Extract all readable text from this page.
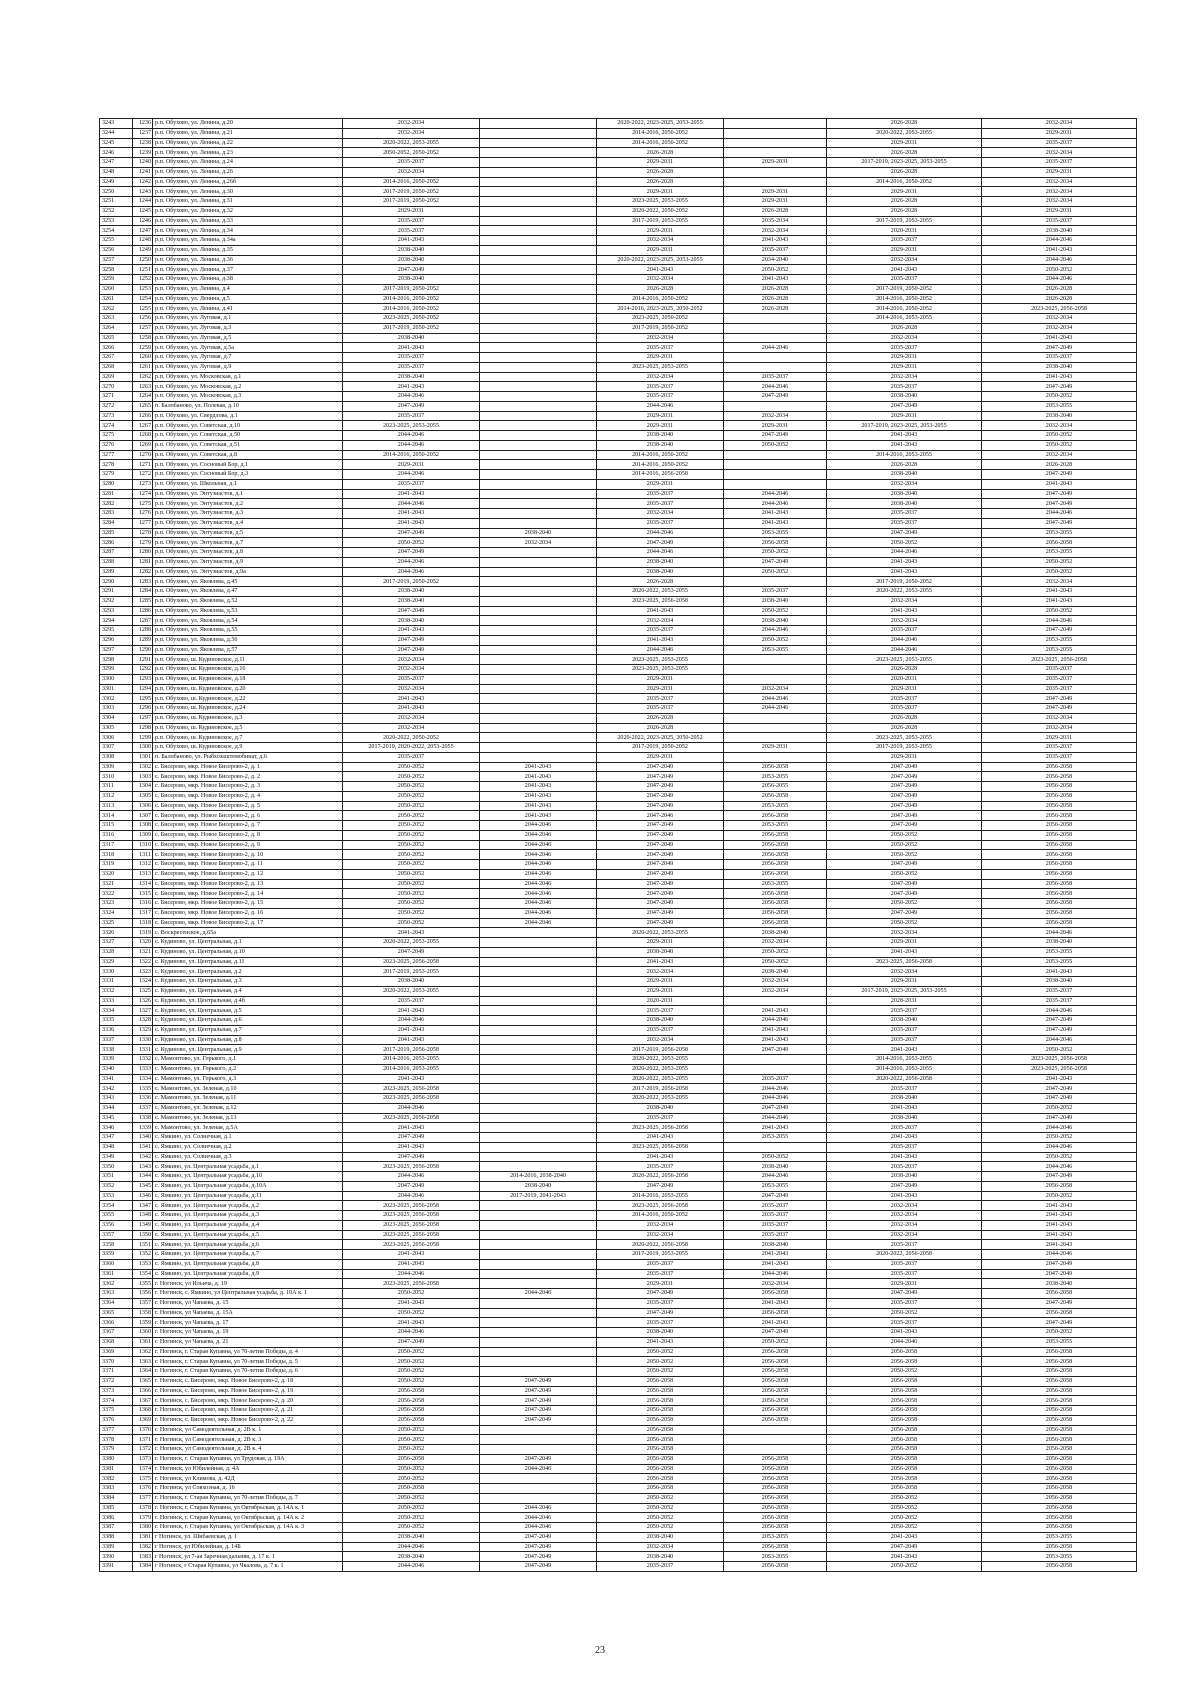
3243	1236	р.п. Обухово, ул. Ленина, д.20	2032-2034		2020-2022, 2023-2025, 2053-2055		2026-2028	2032-2034
3244	1237	р.п. Обухово, ул. Ленина, д.21	2032-2034		2014-2016, 2050-2052		2020-2022, 2053-2055	2029-2031
3245	1238	р.п. Обухово, ул. Ленина, д.22	2020-2022, 2053-2055		2014-2016, 2050-2052		2029-2031	2035-2037
3246	1239	р.п. Обухово, ул. Ленина, д.23	2050-2052, 2050-2052		2026-2028		2026-2028	2032-2034
3247	1240	р.п. Обухово, ул. Ленина, д.24	2035-2037		2029-2031	2029-2031	2017-2019, 2023-2025, 2053-2055	2035-2037
3248	1241	р.п. Обухово, ул. Ленина, д.26	2032-2034		2026-2028		2026-2028	2029-2031
3249	1242	р.п. Обухово, ул. Ленина, д.26б	2014-2016, 2050-2052		2026-2028		2014-2016, 2050-2052	2032-2034
3250	1243	р.п. Обухово, ул. Ленина, д.30	2017-2019, 2050-2052		2029-2031	2029-2031	2029-2031	2032-2034
3251	1244	р.п. Обухово, ул. Ленина, д.31	2017-2019, 2050-2052		2023-2025, 2053-2055	2029-2031	2026-2028	2032-2034
3252	1245	р.п. Обухово, ул. Ленина, д.32	2029-2031		2020-2022, 2050-2052	2026-2028	2026-2028	2029-2031
3253	1246	р.п. Обухово, ул. Ленина, д.33	2035-2037		2017-2019, 2053-2055	2035-2034	2017-2019, 2053-2055	2035-2037
3254	1247	р.п. Обухово, ул. Ленина, д.34	2035-2037		2029-2031	2032-2034	2020-2031	2038-2040
3255	1248	р.п. Обухово, ул. Ленина, д.34а	2041-2043		2032-2034	2041-2043	2035-2037	2044-2046
3256	1249	р.п. Обухово, ул. Ленина, д.35	2038-2040		2029-2031	2035-2037	2029-2031	2041-2043
3257	1250	р.п. Обухово, ул. Ленина, д.36	2038-2040		2020-2022, 2023-2025, 2053-2055	2034-2040	2032-2034	2044-2046
3258	1251	р.п. Обухово, ул. Ленина, д.37	2047-2049		2041-2043	2050-2052	2041-2043	2050-2052
3259	1252	р.п. Обухово, ул. Ленина, д.38	2038-2040		2032-2034	2041-2043	2035-2037	2044-2046
3260	1253	р.п. Обухово, ул. Ленина, д.4	2017-2019, 2050-2052		2026-2028	2026-2028	2017-2019, 2050-2052	2026-2028
3261	1254	р.п. Обухово, ул. Ленина, д.5	2014-2016, 2050-2052		2014-2016, 2050-2052	2026-2028	2014-2016, 2050-2052	2026-2028
3262	1255	р.п. Обухово, ул. Ленина, д.41	2014-2016, 2050-2052		2014-2016, 2023-2025, 2050-2052	2026-2028	2014-2016, 2050-2052	2023-2025, 2056-2058
3263	1256	р.п. Обухово, ул. Луговая, д.1	2023-2025, 2050-2052		2023-2025, 2050-2052		2014-2016, 2053-2055	2032-2034
3264	1257	р.п. Обухово, ул. Луговая, д.3	2017-2019, 2050-2052		2017-2019, 2050-2052		2026-2028	2032-2034
3265	1258	р.п. Обухово, ул. Луговая, д.5	2038-2040		2032-2034		2032-2034	2041-2043
3266	1259	р.п. Обухово, ул. Луговая, д.5а	2041-2043		2035-2037	2044-2046	2035-2037	2047-2049
3267	1260	р.п. Обухово, ул. Луговая, д.7	2035-2037		2029-2031		2029-2031	2035-2037
3268	1261	р.п. Обухово, ул. Луговая, д.9	2035-2037		2023-2025, 2053-2055		2029-2031	2038-2040
3269	1262	р.п. Обухово, ул. Московская, д.1	2038-2040		2032-2034	2035-2037	2032-2034	2041-2043
3270	1263	р.п. Обухово, ул. Московская, д.2	2041-2043		2035-2037	2044-2046	2035-2037	2047-2049
3271	1264	р.п. Обухово, ул. Московская, д.3	2044-2046		2035-2037	2047-2049	2038-2040	2050-2052
3272	1265	п. Балобаново, ул. Полевая, д.10	2047-2049		2044-2046		2047-2049	2053-2055
3273	1266	р.п. Обухово, ул. Свердлова, д.1	2035-2037		2029-2031	2032-2034	2029-2031	2038-2040
3274	1267	р.п. Обухово, ул. Советская, д.10	2023-2025, 2053-2055		2029-2031	2029-2031	2017-2019, 2023-2025, 2053-2055	2032-2034
3275	1268	р.п. Обухово, ул. Советская, д.50	2044-2046		2038-2040	2047-2049	2041-2043	2050-2052
3276	1269	р.п. Обухово, ул. Советская, д.51	2044-2046		2038-2040	2050-2052	2041-2043	2050-2052
3277	1270	р.п. Обухово, ул. Советская, д.8	2014-2016, 2050-2052		2014-2016, 2050-2052		2014-2016, 2053-2055	2032-2034
3278	1271	р.п. Обухово, ул. Сосновый Бор, д.1	2029-2031		2014-2016, 2050-2052		2026-2028	2026-2028
3279	1272	р.п. Обухово, ул. Сосновый Бор, д.3	2044-2046		2014-2016, 2056-2058		2038-2040	2047-2049
3280	1273	р.п. Обухово, ул. Школьная, д.1	2035-2037		2029-2031		2032-2034	2041-2043
3281	1274	р.п. Обухово, ул. Энтузиастов, д.1	2041-2043		2035-2037	2044-2046	2038-2040	2047-2049
3282	1275	р.п. Обухово, ул. Энтузиастов, д.2	2044-2046		2035-2037	2044-2046	2038-2040	2047-2049
3283	1276	р.п. Обухово, ул. Энтузиастов, д.3	2041-2043		2032-2034	2041-2043	2035-2037	2044-2046
3284	1277	р.п. Обухово, ул. Энтузиастов, д.4	2041-2043		2035-2037	2041-2043	2035-2037	2047-2049
3285	1278	р.п. Обухово, ул. Энтузиастов, д.5	2047-2049	2038-2040	2044-2046	2053-2055	2047-2049	2053-2055
3286	1279	р.п. Обухово, ул. Энтузиастов, д.7	2050-2052	2032-2034	2047-2049	2056-2058	2050-2052	2056-2058
3287	1280	р.п. Обухово, ул. Энтузиастов, д.8	2047-2049		2044-2046	2050-2052	2044-2046	2053-2055
3288	1281	р.п. Обухово, ул. Энтузиастов, д.9	2044-2046		2038-2040	2047-2049	2041-2043	2050-2052
3289	1282	р.п. Обухово, ул. Энтузиастов, д.9а	2044-2046		2038-2040	2050-2052	2041-2043	2050-2052
3290	1283	р.п. Обухово, ул. Яковлева, д.45	2017-2019, 2050-2052		2026-2028		2017-2019, 2050-2052	2032-2034
3291	1284	р.п. Обухово, ул. Яковлева, д.47	2038-2040		2020-2022, 2053-2055	2035-2037	2020-2022, 2053-2055	2041-2043
3292	1285	р.п. Обухово, ул. Яковлева, д.52	2038-2040		2023-2025, 2056-2058	2038-2040	2032-2034	2041-2043
3293	1286	р.п. Обухово, ул. Яковлева, д.53	2047-2049		2041-2043	2050-2052	2041-2043	2050-2052
3294	1287	р.п. Обухово, ул. Яковлева, д.54	2038-2040		2032-2034	2038-2040	2032-2034	2044-2046
3295	1288	р.п. Обухово, ул. Яковлева, д.55	2041-2043		2035-2037	2044-2046	2035-2037	2047-2049
3296	1289	р.п. Обухово, ул. Яковлева, д.56	2047-2049		2041-2043	2050-2052	2044-2046	2053-2055
3297	1290	р.п. Обухово, ул. Яковлева, д.57	2047-2049		2044-2046	2053-2055	2044-2046	2053-2055
3298	1291	р.п. Обухово, ш. Кудиновское, д.11	2032-2034		2023-2025, 2053-2055		2023-2025, 2053-2055	2023-2025, 2056-2058
3299	1292	р.п. Обухово, ш. Кудиновское, д.16	2032-2034		2023-2025, 2053-2055		2026-2028	2035-2037
3300	1293	р.п. Обухово, ш. Кудиновское, д.18	2035-2037		2029-2031		2020-2031	2035-2037
3301	1294	р.п. Обухово, ш. Кудиновское, д.20	2032-2034		2029-2031	2032-2034	2029-2031	2035-2037
3302	1295	р.п. Обухово, ш. Кудиновское, д.22	2041-2043		2035-2037	2044-2046	2035-2037	2047-2049
3303	1296	р.п. Обухово, ш. Кудиновское, д.24	2041-2043		2035-2037	2044-2046	2035-2037	2047-2049
3304	1297	р.п. Обухово, ш. Кудиновское, д.3	2032-2034		2026-2028		2026-2028	2032-2034
3305	1298	р.п. Обухово, ш. Кудиновское, д.5	2032-2034		2026-2028		2026-2028	2032-2034
3306	1299	р.п. Обухово, ш. Кудиновское, д.7	2020-2022, 2050-2052		2020-2022, 2023-2025, 2050-2052		2023-2025, 2053-2055	2029-2031
3307	1300	р.п. Обухово, ш. Кудиновское, д.9	2017-2019, 2020-2022, 2053-2055		2017-2019, 2050-2052	2029-2031	2017-2019, 2053-2055	2035-2037
3308	1301	п. Балобаново, ул. Рыбхозаштемобинат, д.6	2035-2037		2029-2031		2029-2031	2035-2037
3309	1302	с. Бисерово, мкр. Новое Бисерово-2, д. 1	2050-2052	2041-2043	2047-2049	2056-2058	2047-2049	2056-2058
3310	1303	с. Бисерово, мкр. Новое Бисерово-2, д. 2	2050-2052	2041-2043	2047-2049	2053-2055	2047-2049	2056-2058
3311	1304	с. Бисерово, мкр. Новое Бисерово-2, д. 3	2050-2052	2041-2043	2047-2049	2056-2055	2047-2049	2056-2058
3312	1305	с. Бисерово, мкр. Новое Бисерово-2, д. 4	2050-2052	2041-2043	2047-2049	2056-2058	2047-2049	2056-2058
3313	1306	с. Бисерово, мкр. Новое Бисерово-2, д. 5	2050-2052	2041-2043	2047-2049	2053-2055	2047-2049	2056-2058
3314	1307	с. Бисерово, мкр. Новое Бисерово-2, д. 6	2050-2052	2041-2043	2047-2046	2056-2058	2047-2049	2056-2058
3315	1308	с. Бисерово, мкр. Новое Бисерово-2, д. 7	2050-2052	2044-2046	2047-2049	2053-2055	2047-2049	2056-2058
3316	1309	с. Бисерово, мкр. Новое Бисерово-2, д. 8	2050-2052	2044-2046	2047-2049	2056-2058	2050-2052	2056-2058
3317	1310	с. Бисерово, мкр. Новое Бисерово-2, д. 9	2050-2052	2044-2046	2047-2049	2056-2058	2050-2052	2056-2058
3318	1311	с. Бисерово, мкр. Новое Бисерово-2, д. 10	2050-2052	2044-2046	2047-2049	2056-2058	2050-2052	2056-2058
3319	1312	с. Бисерово, мкр. Новое Бисерово-2, д. 11	2050-2052	2044-2046	2047-2049	2056-2058	2047-2049	2056-2058
3320	1313	с. Бисерово, мкр. Новое Бисерово-2, д. 12	2050-2052	2044-2046	2047-2049	2056-2058	2050-2052	2056-2058
3321	1314	с. Бисерово, мкр. Новое Бисерово-2, д. 13	2050-2052	2044-2046	2047-2049	2053-2055	2047-2049	2056-2058
3322	1315	с. Бисерово, мкр. Новое Бисерово-2, д. 14	2050-2052	2044-2046	2047-2049	2056-2058	2047-2049	2056-2058
3323	1316	с. Бисерово, мкр. Новое Бисерово-2, д. 15	2050-2052	2044-2046	2047-2049	2056-2058	2050-2052	2056-2058
3324	1317	с. Бисерово, мкр. Новое Бисерово-2, д. 16	2050-2052	2044-2046	2047-2049	2056-2058	2047-2049	2056-2058
3325	1318	с. Бисерово, мкр. Новое Бисерово-2, д. 17	2050-2052	2044-2046	2047-2049	2056-2058	2050-2052	2056-2058
3326	1319	с. Воскресенское, д.65а	2041-2043		2020-2022, 2053-2055	2038-2040	2032-2034	2044-2046
3327	1320	с. Кудиново, ул. Центральная, д.1	2020-2022, 2053-2055		2029-2031	2032-2034	2029-2031	2038-2040
3328	1321	с. Кудиново, ул. Центральная, д.10	2047-2049		2038-2040	2050-2052	2041-2043	2053-2055
3329	1322	с. Кудиново, ул. Центральная, д.11	2023-2025, 2056-2058		2041-2043	2050-2052	2023-2025, 2056-2058	2053-2055
3330	1323	с. Кудиново, ул. Центральная, д.2	2017-2019, 2053-2055		2032-2034	2038-2040	2032-2034	2041-2043
3331	1324	с. Кудиново, ул. Центральная, д.3	2038-2040		2029-2031	2032-2034	2029-2031	2038-2040
3332	1325	с. Кудиново, ул. Центральная, д.4	2020-2022, 2053-2055		2029-2031	2032-2034	2017-2019, 2023-2025, 2053-2055	2035-2037
3333	1326	с. Кудиново, ул. Центральная, д.4б	2035-2037		2020-2031		2028-2031	2035-2037
3334	1327	с. Кудиново, ул. Центральная, д.5	2041-2043		2035-2037	2041-2043	2035-2037	2044-2046
3335	1328	с. Кудиново, ул. Центральная, д.6	2044-2046		2038-2040	2044-2046	2038-2040	2047-2049
3336	1329	с. Кудиново, ул. Центральная, д.7	2041-2043		2035-2037	2041-2043	2035-2037	2047-2049
3337	1330	с. Кудиново, ул. Центральная, д.8	2041-2043		2032-2034	2041-2043	2035-2037	2044-2046
3338	1331	с. Кудиново, ул. Центральная, д.9	2017-2019, 2056-2058		2017-2019, 2056-2058	2047-2049	2041-2043	2050-2052
3339	1332	с. Мамонтово, ул. Горького, д.1	2014-2016, 2053-2055		2020-2022, 2053-2055		2014-2016, 2053-2055	2023-2025, 2056-2058
3340	1333	с. Мамонтово, ул. Горького, д.2	2014-2016, 2053-2055		2020-2022, 2053-2055		2014-2016, 2053-2055	2023-2025, 2056-2058
3341	1334	с. Мамонтово, ул. Горького, д.3	2041-2043		2020-2022, 2053-2055	2035-2037	2020-2022, 2056-2058	2041-2043
3342	1335	с. Мамонтово, ул. Зеленая, д.10	2023-2025, 2056-2058		2017-2019, 2056-2058	2044-2046	2035-2037	2047-2049
3343	1336	с. Мамонтово, ул. Зеленая, д.11	2023-2025, 2056-2058		2020-2022, 2053-2055	2044-2046	2038-2040	2047-2049
3344	1337	с. Мамонтово, ул. Зеленая, д.12	2044-2046		2038-2040	2047-2049	2041-2043	2050-2052
3345	1338	с. Мамонтово, ул. Зеленая, д.13	2023-2025, 2056-2058		2035-2037	2044-2046	2038-2040	2047-2049
3346	1339	с. Мамонтово, ул. Зеленая, д.5А	2041-2043		2023-2025, 2056-2058	2041-2043	2035-2037	2044-2046
3347	1340	с. Ямкино, ул. Солнечная, д.1	2047-2049		2041-2043	2053-2055	2041-2043	2050-2052
3348	1341	с. Ямкино, ул. Солнечная, д.2	2041-2043		2023-2025, 2056-2058		2035-2037	2044-2046
3349	1342	с. Ямкино, ул. Солнечная, д.3	2047-2049		2041-2043	2050-2052	2041-2043	2050-2052
3350	1343	с. Ямкино, ул. Центральная усадьба, д.1	2023-2025, 2056-2058		2035-2037	2038-2040	2035-2037	2044-2046
3351	1344	с. Ямкино, ул. Центральная усадьба, д.10	2044-2046	2014-2016, 2038-2040	2020-2022, 2056-2058	2044-2046	2038-2040	2047-2049
3352	1345	с. Ямкино, ул. Центральная усадьба, д.10А	2047-2049	2038-2040	2047-2049	2053-2055	2047-2049	2056-2058
3353	1346	с. Ямкино, ул. Центральная усадьба, д.11	2044-2046	2017-2019, 2041-2043	2014-2016, 2053-2055	2047-2049	2041-2043	2050-2052
3354	1347	с. Ямкино, ул. Центральная усадьба, д.2	2023-2025, 2056-2058		2023-2025, 2056-2058	2035-2037	2032-2034	2041-2043
3355	1348	с. Ямкино, ул. Центральная усадьба, д.3	2023-2025, 2056-2058		2014-2016, 2050-2052	2035-2037	2032-2034	2041-2043
3356	1349	с. Ямкино, ул. Центральная усадьба, д.4	2023-2025, 2056-2058		2032-2034	2035-2037	2032-2034	2041-2043
3357	1350	с. Ямкино, ул. Центральная усадьба, д.5	2023-2025, 2056-2058		2032-2034	2035-2037	2032-2034	2041-2043
3358	1351	с. Ямкино, ул. Центральная усадьба, д.6	2023-2025, 2056-2058		2020-2022, 2056-2058	2038-2040	2035-2037	2041-2043
3359	1352	с. Ямкино, ул. Центральная усадьба, д.7	2041-2043		2017-2019, 2053-2055	2041-2043	2020-2022, 2056-2058	2044-2046
3360	1353	с. Ямкино, ул. Центральная усадьба, д.8	2041-2043		2035-2037	2041-2043	2035-2037	2047-2049
3361	1354	с. Ямкино, ул. Центральная усадьба, д.9	2044-2046		2035-2037	2044-2046	2035-2037	2047-2049
3362	1355	г. Ногинск, ул Ильича, д. 19	2023-2025, 2056-2058		2029-2031	2032-2034	2029-2031	2038-2040
3363	1356	г. Ногинск, с. Ямкино, ул Центральная усадьба, д. 10А к. 1	2050-2052	2044-2046	2047-2049	2056-2058	2047-2049	2056-2058
3364	1357	г. Ногинск, ул Чапаева, д. 15	2041-2043		2035-2037	2041-2043	2035-2037	2047-2049
3365	1358	г. Ногинск, ул Чапаева, д. 15А	2050-2052		2047-2049	2056-2058	2050-2052	2056-2058
3366	1359	г. Ногинск, ул Чапаева, д. 17	2041-2043		2035-2037	2041-2043	2035-2037	2047-2049
3367	1360	г. Ногинск, ул Чапаева, д. 19	2044-2046		2038-2040	2047-2049	2041-2043	2050-2052
3368	1361	г. Ногинск, ул Чапаева, д. 21	2047-2049		2041-2043	2050-2052	2044-2046	2053-2055
3369	1362	г. Ногинск, г. Старая Купавна, ул 70-летия Победы, д. 4	2050-2052		2050-2052	2056-2058	2056-2058	2056-2058
3370	1363	г. Ногинск, г. Старая Купавна, ул 70-летия Победы, д. 5	2050-2052		2050-2052	2056-2058	2056-2058	2056-2058
3371	1364	г. Ногинск, г. Старая Купавна, ул 70-летия Победы, д. 6	2050-2052		2050-2052	2056-2058	2050-2052	2056-2058
3372	1365	г. Ногинск, с. Бисерово, мкр. Новое Бисерово-2, д. 18	2050-2052	2047-2049	2056-2058	2056-2058	2056-2058	2056-2058
3373	1366	г. Ногинск, с. Бисерово, мкр. Новое Бисерово-2, д. 19	2056-2058	2047-2049	2056-2058	2056-2058	2056-2058	2056-2058
3374	1367	г. Ногинск, с. Бисерово, мкр. Новое Бисерово-2, д. 20	2056-2058	2047-2049	2056-2058	2056-2058	2056-2058	2056-2058
3375	1368	г. Ногинск, с. Бисерово, мкр. Новое Бисерово-2, д. 21	2056-2058	2047-2049	2056-2058	2056-2058	2056-2058	2056-2058
3376	1369	г. Ногинск, с. Бисерово, мкр. Новое Бисерово-2, д. 22	2056-2058	2047-2049	2056-2058	2056-2058	2056-2058	2056-2058
3377	1370	г. Ногинск, ул Самодеятельная, д. 2В к. 1	2050-2052		2056-2058		2056-2058	2056-2058
3378	1371	г. Ногинск, ул Самодеятельная, д. 2В к. 3	2050-2052		2056-2058		2056-2058	2056-2058
3379	1372	г. Ногинск, ул Самодеятельная, д. 2В к. 4	2050-2052		2056-2058		2056-2058	2056-2058
3380	1373	г. Ногинск, г. Старая Купавна, ул Трудовая, д. 19А	2056-2058	2047-2049	2056-2058	2056-2058	2056-2058	2056-2058
3381	1374	г. Ногинск, ул Юбилейная, д. 4А	2050-2052	2044-2046	2056-2058	2056-2058	2056-2058	2056-2058
3382	1375	г. Ногинск, ул Климова, д. 42Д	2050-2052		2056-2058	2056-2058	2056-2058	2056-2058
3383	1376	г. Ногинск, ул Совхозная, д. 16	2050-2058		2056-2058	2056-2058	2056-2058	2056-2058
3384	1377	г. Ногинск, г. Старая Купавна, ул 70-летия Победы, д. 7	2050-2052		2050-2052	2056-2058	2050-2052	2056-2058
3385	1378	г. Ногинск, г. Старая Купавна, ул Октябрьская, д. 14А к. 1	2050-2052	2044-2046	2050-2052	2056-2058	2050-2052	2056-2058
3386	1379	г. Ногинск, г. Старая Купавна, ул Октябрьская, д. 14А к. 2	2050-2052	2044-2046	2050-2052	2056-2058	2050-2052	2056-2058
3387	1380	г. Ногинск, г. Старая Купавна, ул Октябрьская, д. 14А к. 3	2050-2052	2044-2046	2050-2052	2056-2058	2050-2052	2056-2058
3388	1381	г Ногинск, ул. Шибаевская, д. 1	2038-2040	2047-2049	2038-2040	2053-2055	2041-2043	2053-2055
3389	1382	г Ногинск, ул Юбилейная, д. 14Б	2044-2046	2047-2049	2032-2034	2056-2058	2047-2049	2056-2058
3390	1383	г Ногинск, ул 7-ая Заречная/дальняя, д. 17 к. 1	2038-2040	2047-2049	2038-2040	2053-2055	2041-2043	2053-2055
3391	1384	г Ногинск, г Старая Купавна, ул Чкалова, д. 7 к. 1	2044-2046	2047-2049	2035-2037	2056-2058	2050-2052	2056-2058
23
